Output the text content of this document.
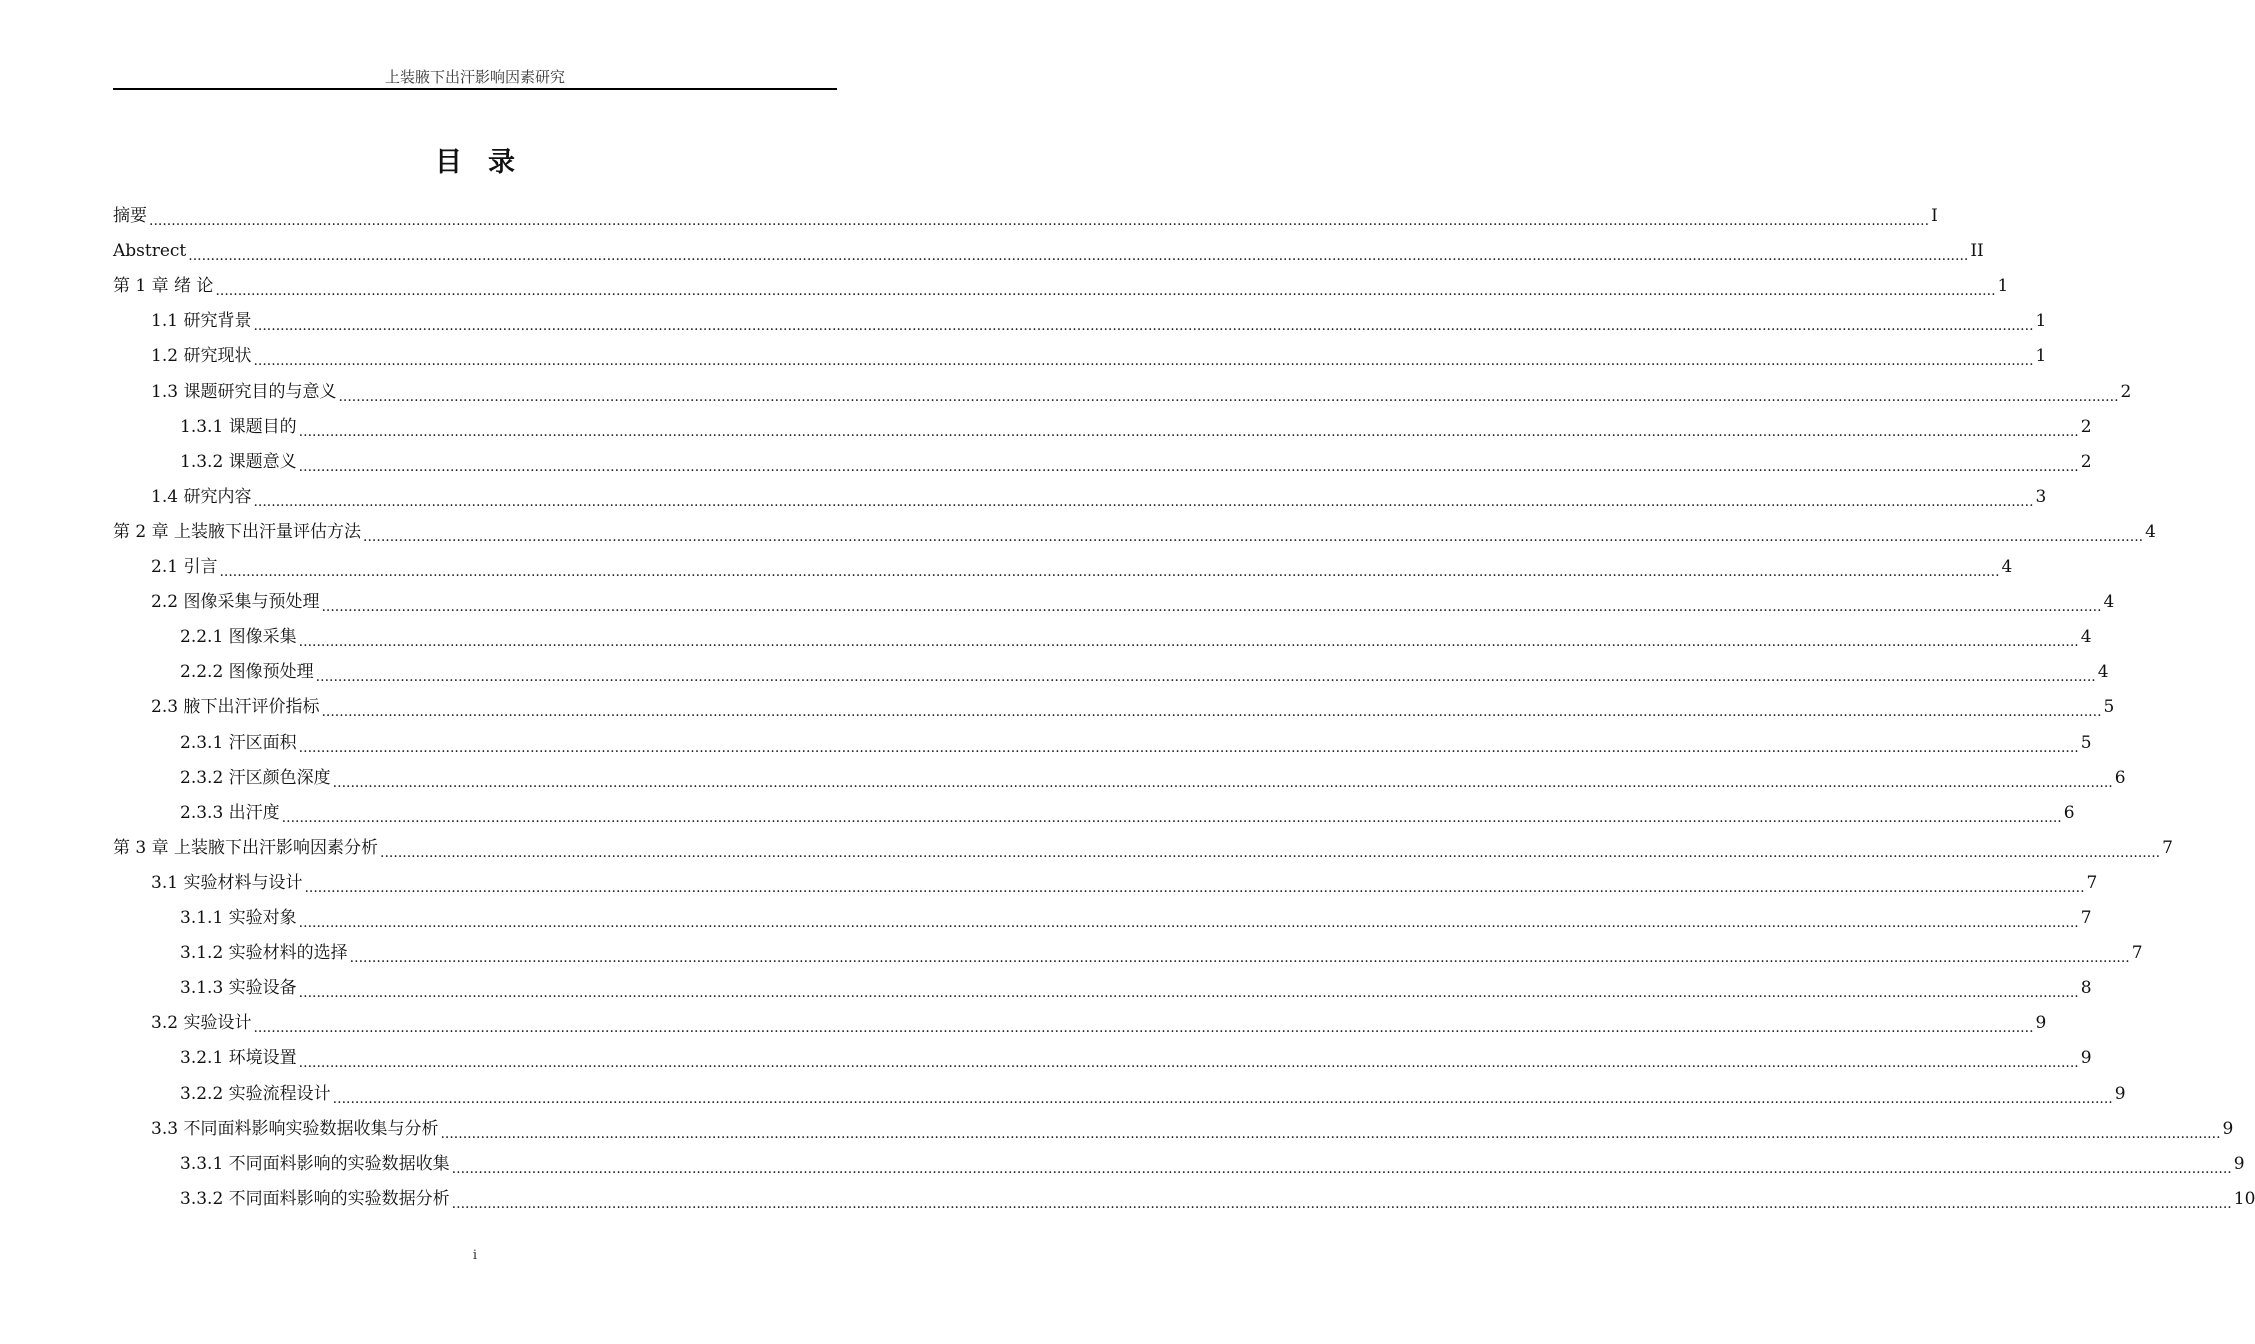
上装腋下出汗影响因素研究
目录
摘要 ................................................................................................................................................................................................................................................................................................................................................................................................................ I
Abstrect ................................................................................................................................................................................................................................................................................................................................................................................................................ II
第 1 章 绪 论 ................................................................................................................................................................................................................................................................................................................................................................................................................ 1
1.1 研究背景 ................................................................................................................................................................................................................................................................................................................................................................................................................ 1
1.2 研究现状 ................................................................................................................................................................................................................................................................................................................................................................................................................ 1
1.3 课题研究目的与意义 ................................................................................................................................................................................................................................................................................................................................................................................................................ 2
1.3.1 课题目的 ................................................................................................................................................................................................................................................................................................................................................................................................................ 2
1.3.2 课题意义 ................................................................................................................................................................................................................................................................................................................................................................................................................ 2
1.4 研究内容 ................................................................................................................................................................................................................................................................................................................................................................................................................ 3
第 2 章 上装腋下出汗量评估方法 ................................................................................................................................................................................................................................................................................................................................................................................................................ 4
2.1 引言 ................................................................................................................................................................................................................................................................................................................................................................................................................ 4
2.2 图像采集与预处理 ................................................................................................................................................................................................................................................................................................................................................................................................................ 4
2.2.1 图像采集 ................................................................................................................................................................................................................................................................................................................................................................................................................ 4
2.2.2 图像预处理 ................................................................................................................................................................................................................................................................................................................................................................................................................ 4
2.3 腋下出汗评价指标 ................................................................................................................................................................................................................................................................................................................................................................................................................ 5
2.3.1 汗区面积 ................................................................................................................................................................................................................................................................................................................................................................................................................ 5
2.3.2 汗区颜色深度 ................................................................................................................................................................................................................................................................................................................................................................................................................ 6
2.3.3 出汗度 ................................................................................................................................................................................................................................................................................................................................................................................................................ 6
第 3 章 上装腋下出汗影响因素分析 ................................................................................................................................................................................................................................................................................................................................................................................................................ 7
3.1 实验材料与设计 ................................................................................................................................................................................................................................................................................................................................................................................................................ 7
3.1.1 实验对象 ................................................................................................................................................................................................................................................................................................................................................................................................................ 7
3.1.2 实验材料的选择 ................................................................................................................................................................................................................................................................................................................................................................................................................ 7
3.1.3 实验设备 ................................................................................................................................................................................................................................................................................................................................................................................................................ 8
3.2 实验设计 ................................................................................................................................................................................................................................................................................................................................................................................................................ 9
3.2.1 环境设置 ................................................................................................................................................................................................................................................................................................................................................................................................................ 9
3.2.2 实验流程设计 ................................................................................................................................................................................................................................................................................................................................................................................................................ 9
3.3 不同面料影响实验数据收集与分析 ................................................................................................................................................................................................................................................................................................................................................................................................................ 9
3.3.1 不同面料影响的实验数据收集 ................................................................................................................................................................................................................................................................................................................................................................................................................ 9
3.3.2 不同面料影响的实验数据分析 ................................................................................................................................................................................................................................................................................................................................................................................................................ 10
i
